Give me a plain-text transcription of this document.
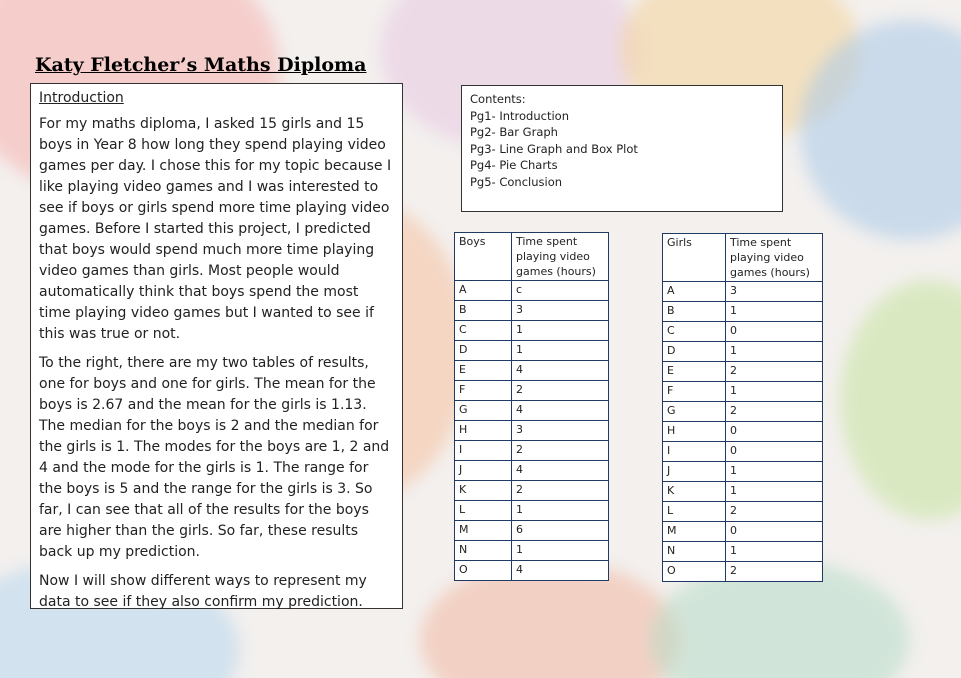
Katy Fletcher’s Maths Diploma
Introduction

For my maths diploma, I asked 15 girls and 15 boys in Year 8 how long they spend playing video games per day. I chose this for my topic because I like playing video games and I was interested to see if boys or girls spend more time playing video games. Before I started this project, I predicted that boys would spend much more time playing video games than girls. Most people would automatically think that boys spend the most time playing video games but I wanted to see if this was true or not.

To the right, there are my two tables of results, one for boys and one for girls. The mean for the boys is 2.67 and the mean for the girls is 1.13. The median for the boys is 2 and the median for the girls is 1. The modes for the boys are 1, 2 and 4 and the mode for the girls is 1. The range for the boys is 5 and the range for the girls is 3. So far, I can see that all of the results for the boys are higher than the girls. So far, these results back up my prediction.

Now I will show different ways to represent my data to see if they also confirm my prediction.

Contents:
Pg1- Introduction
Pg2- Bar Graph
Pg3- Line Graph and Box Plot
Pg4- Pie Charts
Pg5- Conclusion
Boys	Time spent playing video games (hours)
A	c
B	3
C	1
D	1
E	4
F	2
G	4
H	3
I	2
J	4
K	2
L	1
M	6
N	1
O	4
Girls	Time spent playing video games (hours)
A	3
B	1
C	0
D	1
E	2
F	1
G	2
H	0
I	0
J	1
K	1
L	2
M	0
N	1
O	2
